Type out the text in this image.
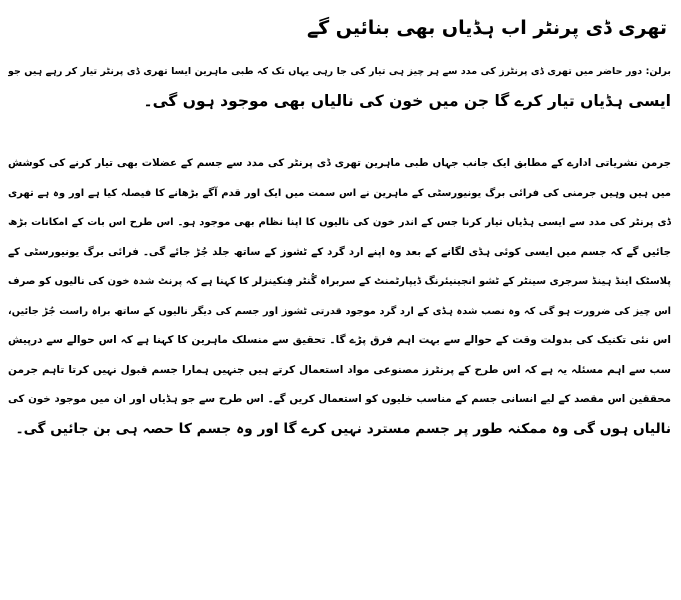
تھری ڈی پرنٹر اب ہڈیاں بھی بنائیں گے
برلن: دور حاضر میں تھری ڈی پرنٹرز کی مدد سے ہر چیز ہی تیار کی جا رہی یہاں تک کہ طبی ماہرین ایسا تھری ڈی پرنٹر تیار کر رہے ہیں جو
ایسی ہڈیاں تیار کرے گا جن میں خون کی نالیاں بھی موجود ہوں گی۔
جرمن نشریاتی ادارے کے مطابق ایک جانب جہاں طبی ماہرین تھری ڈی پرنٹر کی مدد سے جسم کے عضلات بھی تیار کرنے کی کوشش
میں ہیں وہیں جرمنی کی فرائی برگ یونیورسٹی کے ماہرین نے اس سمت میں ایک اور قدم آگے بڑھانے کا فیصلہ کیا ہے اور وہ ہے تھری
ڈی پرنٹر کی مدد سے ایسی ہڈیاں تیار کرنا جس کے اندر خون کی نالیوں کا اپنا نظام بھی موجود ہو۔ اس طرح اس بات کے امکانات بڑھ
جائیں گے کہ جسم میں ایسی کوئی ہڈی لگانے کے بعد وہ اپنے ارد گرد کے ٹشوز کے ساتھ جلد جُڑ جائے گی۔ فرائی برگ یونیورسٹی کے
پلاسٹک اینڈ ہینڈ سرجری سینٹر کے ٹشو انجینیئرنگ ڈیپارٹمنٹ کے سربراہ گُنٹر فِنکینزلر کا کہنا ہے کہ پرنٹ شدہ خون کی نالیوں کو صرف
اس چیز کی ضرورت ہو گی کہ وہ نصب شدہ ہڈی کے ارد گرد موجود قدرتی ٹشوز اور جسم کی دیگر نالیوں کے ساتھ براہ راست جُڑ جائیں،
اس نئی تکنیک کی بدولت وقت کے حوالے سے بہت اہم فرق پڑے گا۔ تحقیق سے منسلک ماہرین کا کہنا ہے کہ اس حوالے سے درپیش
سب سے اہم مسئلہ یہ ہے کہ اس طرح کے پرنٹرز مصنوعی مواد استعمال کرتے ہیں جنہیں ہمارا جسم قبول نہیں کرتا تاہم جرمن
محققین اس مقصد کے لیے انسانی جسم کے مناسب خلیوں کو استعمال کریں گے۔ اس طرح سے جو ہڈیاں اور ان میں موجود خون کی
نالیاں ہوں گی وہ ممکنہ طور پر جسم مسترد نہیں کرے گا اور وہ جسم کا حصہ ہی بن جائیں گی۔
